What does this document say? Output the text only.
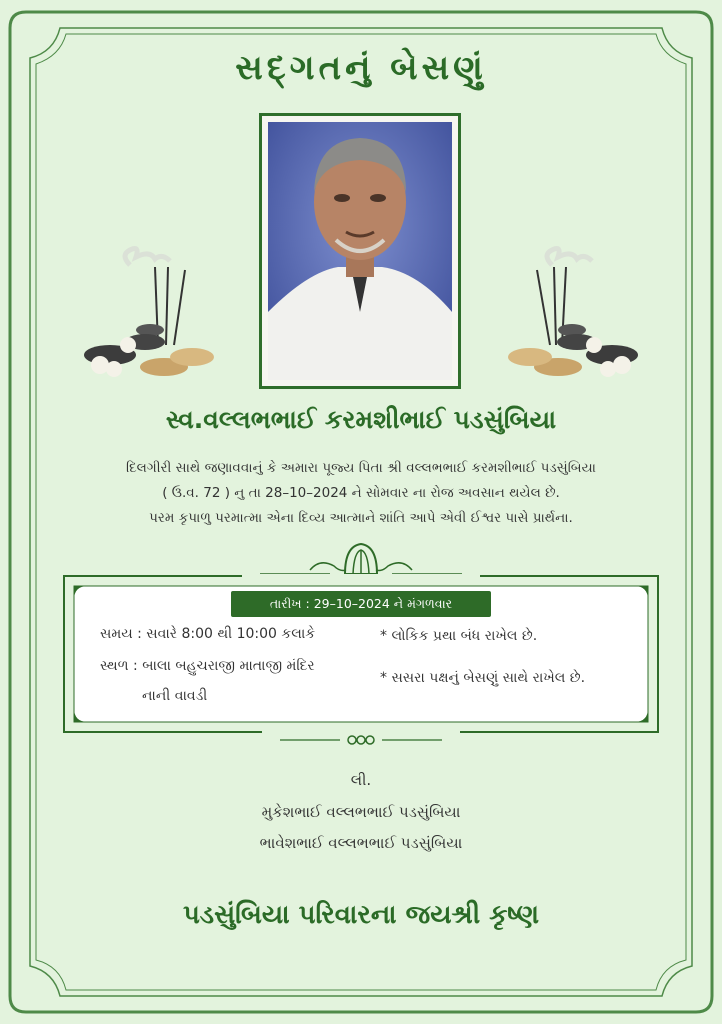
સદ્‌ગતનું બેસણું
સ્વ.વલ્લભભાઈ કરમશીભાઈ પડસુંબિયા
દિલગીરી સાથે જણાવવાનું કે અમારા પૂજ્ય પિતા શ્રી વલ્લભભાઈ કરમશીભાઈ પડસુંબિયા
( ઉ.વ. 72 ) નુ તા 28–10–2024 ને સોમવાર ના રોજ અવસાન થયેલ છે.
પરમ કૃપાળુ પરમાત્મા એના દિવ્ય આત્માને શાંતિ આપે એવી ઈશ્વર પાસે પ્રાર્થના.
તારીખ : 29–10–2024 ને મંગળવાર
સમય : સવારે 8:00 થી 10:00 કલાકે
સ્થળ : બાલા બહુચરાજી માતાજી મંદિર
નાની વાવડી
* લોકિક પ્રથા બંધ રાખેલ છે.
* સસરા પક્ષનું બેસણું સાથે રાખેલ છે.
લી.
મુકેશભાઈ વલ્લભભાઈ પડસુંબિયા
ભાવેશભાઈ વલ્લભભાઈ પડસુંબિયા
પડસુંબિયા પરિવારના જયશ્રી કૃષ્ણ
